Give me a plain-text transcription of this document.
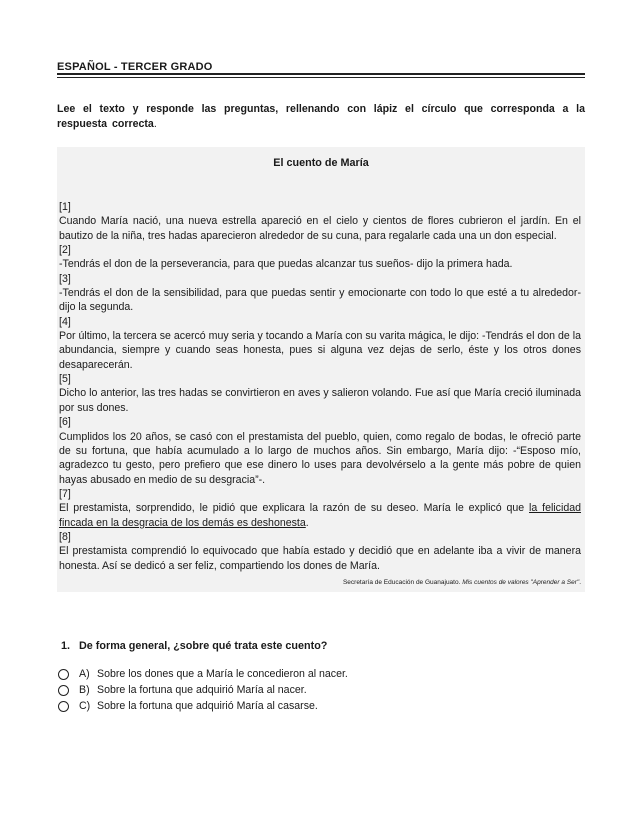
ESPAÑOL - TERCER GRADO
Lee el texto y responde las preguntas, rellenando con lápiz el círculo que corresponda a la respuesta correcta.
El cuento de María

[1]
Cuando María nació, una nueva estrella apareció en el cielo y cientos de flores cubrieron el jardín. En el bautizo de la niña, tres hadas aparecieron alrededor de su cuna, para regalarle cada una un don especial.

[2]
-Tendrás el don de la perseverancia, para que puedas alcanzar tus sueños- dijo la primera hada.

[3]
-Tendrás el don de la sensibilidad, para que puedas sentir y emocionarte con todo lo que esté a tu alrededor- dijo la segunda.

[4]
Por último, la tercera se acercó muy seria y tocando a María con su varita mágica, le dijo: -Tendrás el don de la abundancia, siempre y cuando seas honesta, pues si alguna vez dejas de serlo, éste y los otros dones desaparecerán.

[5]
Dicho lo anterior, las tres hadas se convirtieron en aves y salieron volando. Fue así que María creció iluminada por sus dones.

[6]
Cumplidos los 20 años, se casó con el prestamista del pueblo, quien, como regalo de bodas, le ofreció parte de su fortuna, que había acumulado a lo largo de muchos años. Sin embargo, María dijo: -“Esposo mío, agradezco tu gesto, pero prefiero que ese dinero lo uses para devolvérselo a la gente más pobre de quien hayas abusado en medio de su desgracia”-.

[7]
El prestamista, sorprendido, le pidió que explicara la razón de su deseo. María le explicó que la felicidad fincada en la desgracia de los demás es deshonesta.

[8]
El prestamista comprendió lo equivocado que había estado y decidió que en adelante iba a vivir de manera honesta. Así se dedicó a ser feliz, compartiendo los dones de María.

Secretaría de Educación de Guanajuato. Mis cuentos de valores "Aprender a Ser".
1.   De forma general, ¿sobre qué trata este cuento?
A) Sobre los dones que a María le concedieron al nacer.
B) Sobre la fortuna que adquirió María al nacer.
C) Sobre la fortuna que adquirió María al casarse.
